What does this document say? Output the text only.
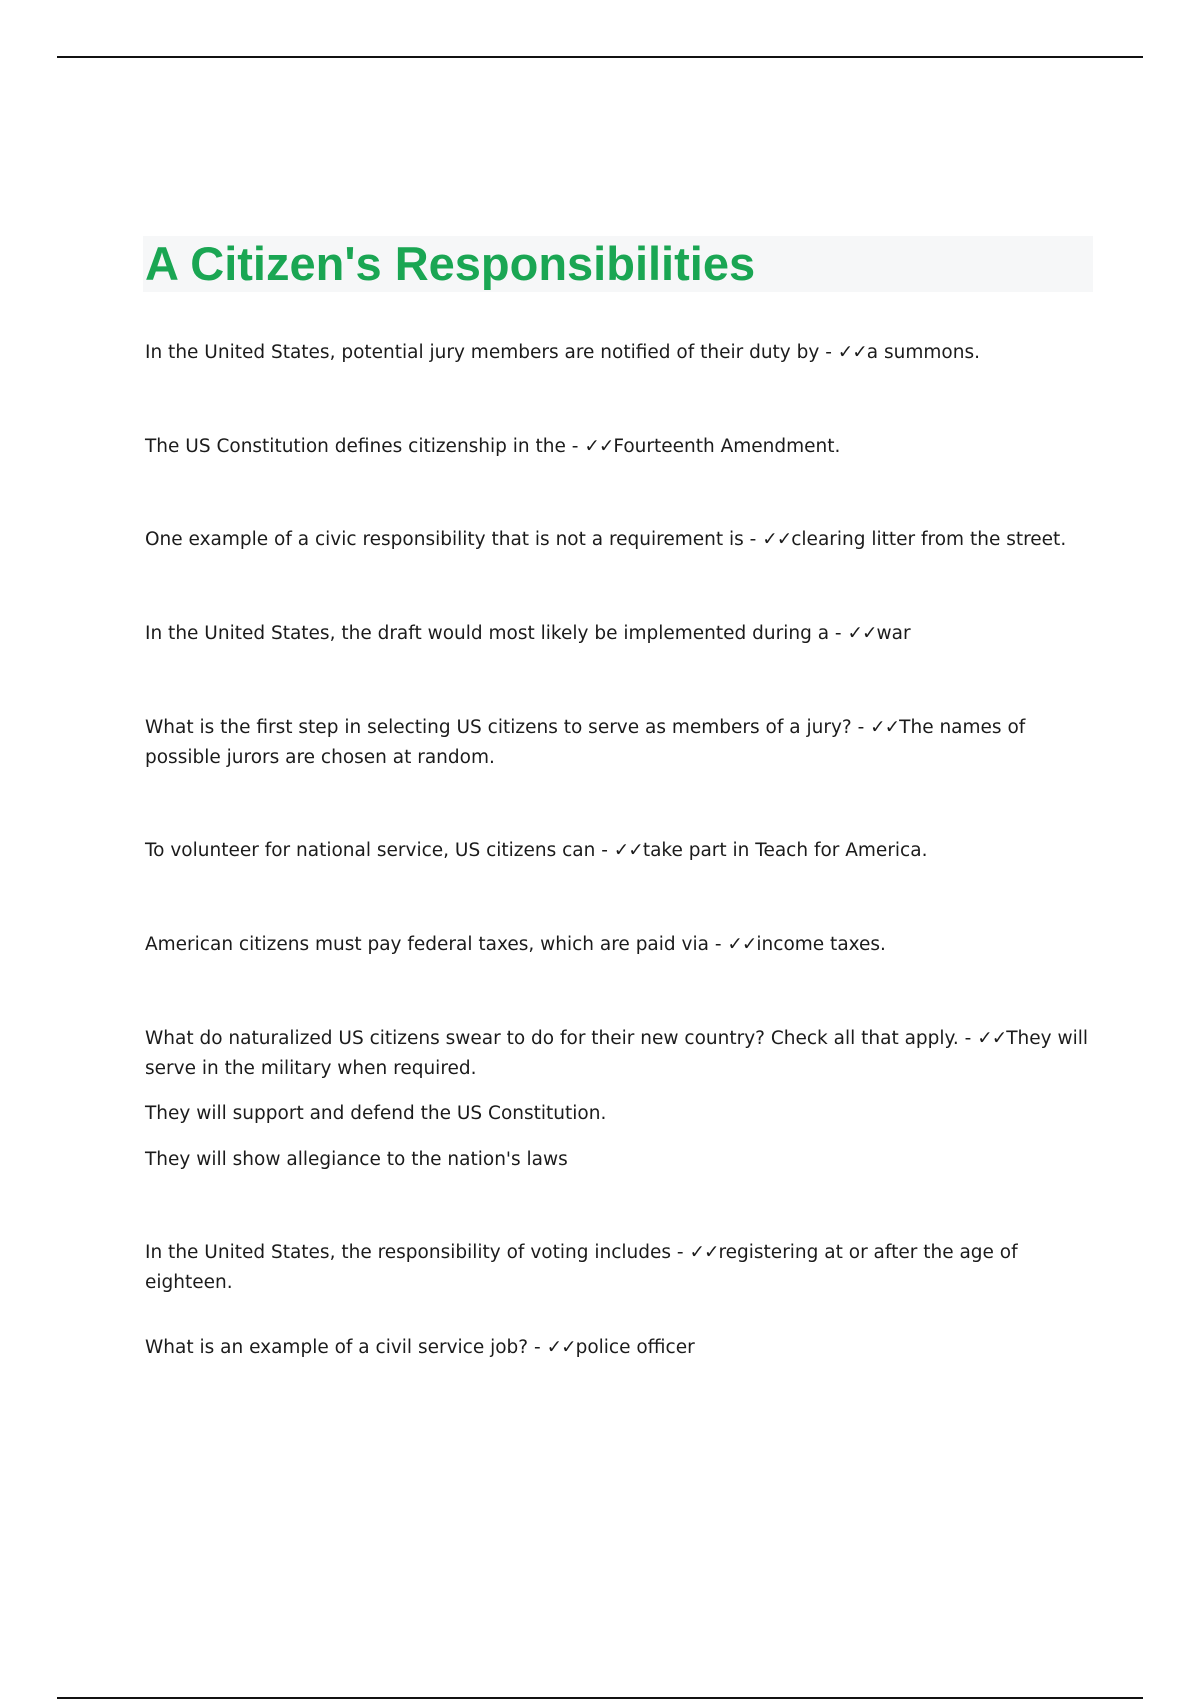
A Citizen's Responsibilities

In the United States, potential jury members are notified of their duty by - ✓✓a summons.

The US Constitution defines citizenship in the - ✓✓Fourteenth Amendment.

One example of a civic responsibility that is not a requirement is - ✓✓clearing litter from the street.

In the United States, the draft would most likely be implemented during a - ✓✓war

What is the first step in selecting US citizens to serve as members of a jury? - ✓✓The names of possible jurors are chosen at random.

To volunteer for national service, US citizens can - ✓✓take part in Teach for America.

American citizens must pay federal taxes, which are paid via - ✓✓income taxes.

What do naturalized US citizens swear to do for their new country? Check all that apply. - ✓✓They will serve in the military when required.

They will support and defend the US Constitution.

They will show allegiance to the nation's laws

In the United States, the responsibility of voting includes - ✓✓registering at or after the age of eighteen.

What is an example of a civil service job? - ✓✓police officer
